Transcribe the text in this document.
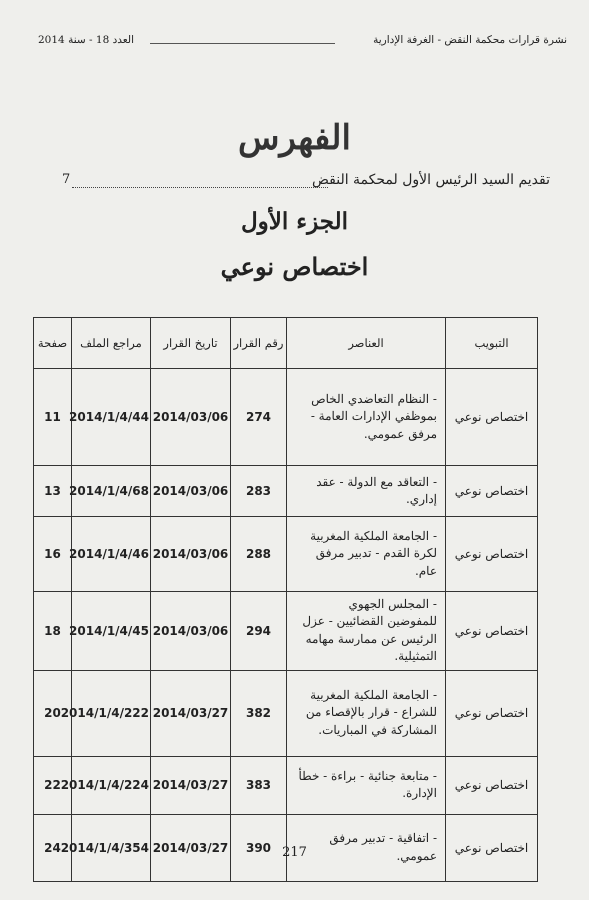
نشرة قرارات محكمة النقض - الغرفة الإدارية
العدد 18 - سنة 2014
الفهرس
تقديم السيد الرئيس الأول لمحكمة النقض
7
الجزء الأول
اختصاص نوعي
التبويب	العناصر	رقم القرار	تاريخ القرار	مراجع الملف	صفحة
اختصاص نوعي	- النظام التعاضدي الخاص بموظفي الإدارات العامة - مرفق عمومي.	274	2014/03/06	2014/1/4/44	11
اختصاص نوعي	- التعاقد مع الدولة - عقد إداري.	283	2014/03/06	2014/1/4/68	13
اختصاص نوعي	- الجامعة الملكية المغربية لكرة القدم - تدبير مرفق عام.	288	2014/03/06	2014/1/4/46	16
اختصاص نوعي	- المجلس الجهوي للمفوضين القضائيين - عزل الرئيس عن ممارسة مهامه التمثيلية.	294	2014/03/06	2014/1/4/45	18
اختصاص نوعي	- الجامعة الملكية المغربية للشراع - قرار بالإقصاء من المشاركة في المباريات.	382	2014/03/27	2014/1/4/222	20
اختصاص نوعي	- متابعة جنائية - براءة - خطأ الإدارة.	383	2014/03/27	2014/1/4/224	22
اختصاص نوعي	- اتفاقية - تدبير مرفق عمومي.	390	2014/03/27	2014/1/4/354	24	217
